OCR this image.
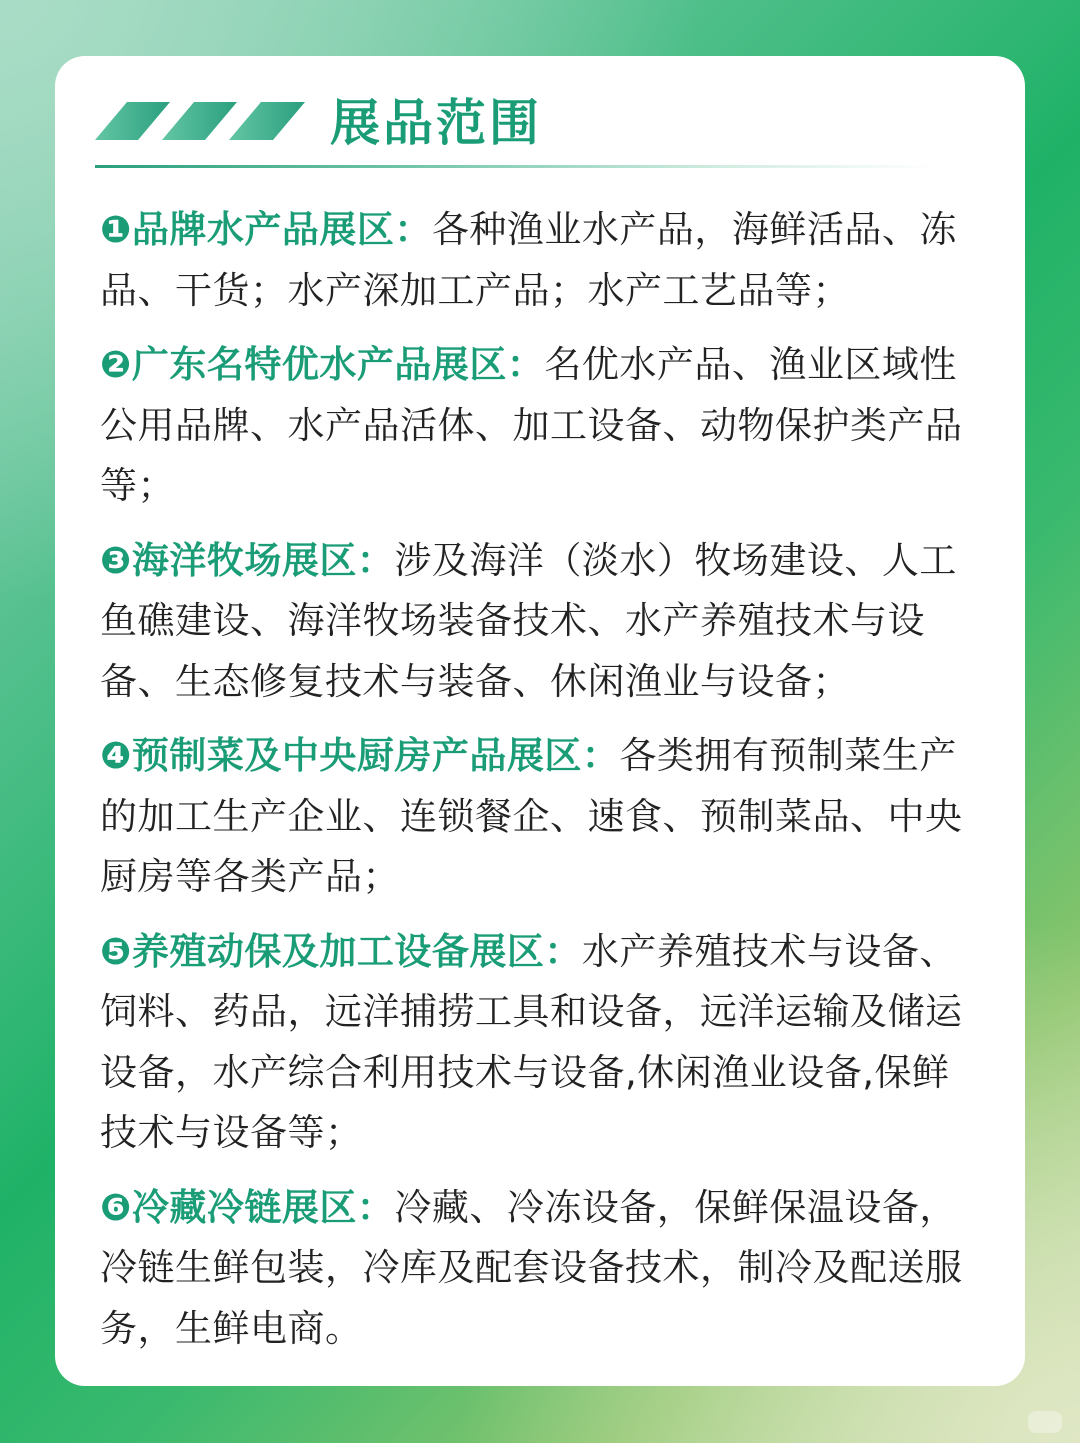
展品范围

❶品牌水产品展区：各种渔业水产品，海鲜活品、冻品、干货；水产深加工产品；水产工艺品等；

❷广东名特优水产品展区：名优水产品、渔业区域性公用品牌、水产品活体、加工设备、动物保护类产品等；

❸海洋牧场展区：涉及海洋（淡水）牧场建设、人工鱼礁建设、海洋牧场装备技术、水产养殖技术与设备、生态修复技术与装备、休闲渔业与设备；

❹预制菜及中央厨房产品展区：各类拥有预制菜生产的加工生产企业、连锁餐企、速食、预制菜品、中央厨房等各类产品；

❺养殖动保及加工设备展区：水产养殖技术与设备、饲料、药品，远洋捕捞工具和设备，远洋运输及储运设备，水产综合利用技术与设备,休闲渔业设备,保鲜技术与设备等；

❻冷藏冷链展区：冷藏、冷冻设备，保鲜保温设备，冷链生鲜包装，冷库及配套设备技术，制冷及配送服务，生鲜电商。
